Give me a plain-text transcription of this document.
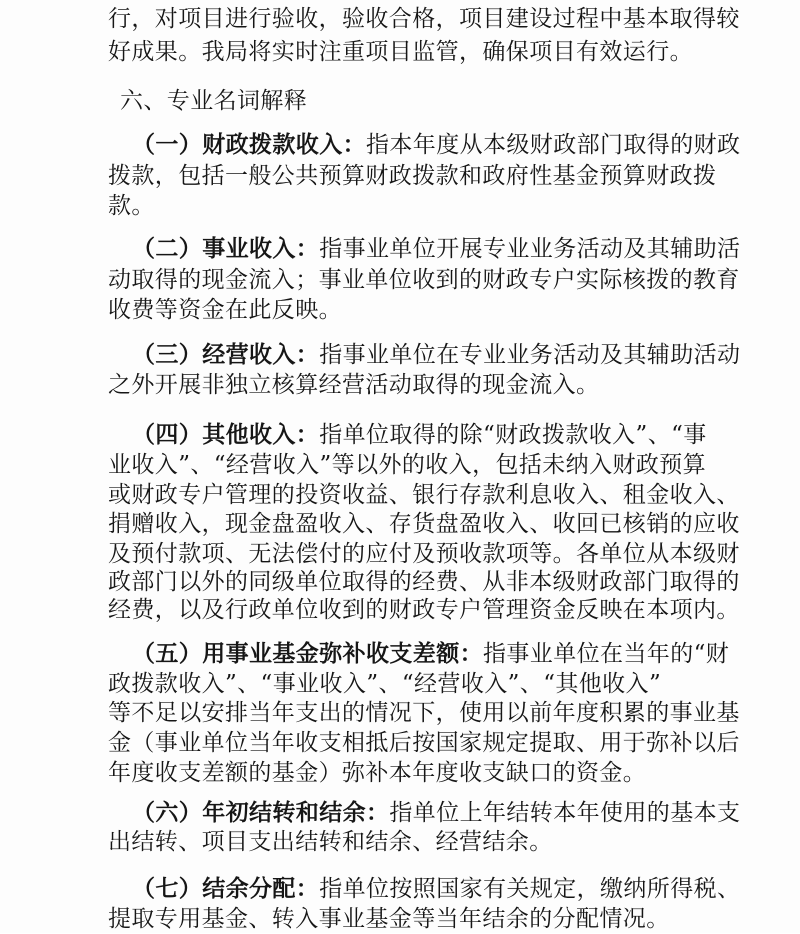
行，对项目进行验收，验收合格，项目建设过程中基本取得较
好成果。我局将实时注重项目监管，确保项目有效运行。
六、专业名词解释
（一）财政拨款收入：指本年度从本级财政部门取得的财政
拨款，包括一般公共预算财政拨款和政府性基金预算财政拨
款。
（二）事业收入：指事业单位开展专业业务活动及其辅助活
动取得的现金流入；事业单位收到的财政专户实际核拨的教育
收费等资金在此反映。
（三）经营收入：指事业单位在专业业务活动及其辅助活动
之外开展非独立核算经营活动取得的现金流入。
（四）其他收入：指单位取得的除“财政拨款收入”、“事
业收入”、“经营收入”等以外的收入，包括未纳入财政预算
或财政专户管理的投资收益、银行存款利息收入、租金收入、
捐赠收入，现金盘盈收入、存货盘盈收入、收回已核销的应收
及预付款项、无法偿付的应付及预收款项等。各单位从本级财
政部门以外的同级单位取得的经费、从非本级财政部门取得的
经费，以及行政单位收到的财政专户管理资金反映在本项内。
（五）用事业基金弥补收支差额：指事业单位在当年的“财
政拨款收入”、“事业收入”、“经营收入”、“其他收入”
等不足以安排当年支出的情况下，使用以前年度积累的事业基
金（事业单位当年收支相抵后按国家规定提取、用于弥补以后
年度收支差额的基金）弥补本年度收支缺口的资金。
（六）年初结转和结余：指单位上年结转本年使用的基本支
出结转、项目支出结转和结余、经营结余。
（七）结余分配：指单位按照国家有关规定，缴纳所得税、
提取专用基金、转入事业基金等当年结余的分配情况。
